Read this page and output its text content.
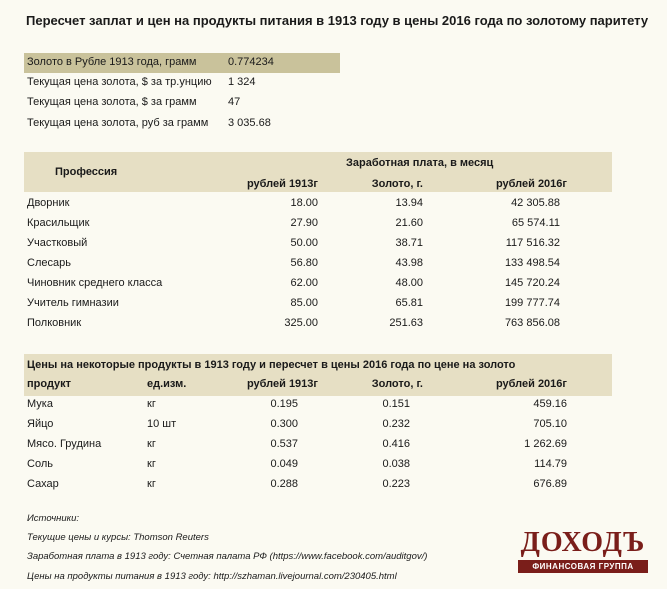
Пересчет заплат и цен на продукты питания в 1913 году в цены 2016 года по золотому паритету
Золото в Рубле 1913 года, грамм	0.774234
Текущая цена золота, $ за тр.унцию 1 324
Текущая цена золота, $ за грамм	47
Текущая цена золота, руб за грамм 3 035.68
Профессия
Заработная плата, в месяц
рублей 1913г	Золото, г.	рублей 2016г
Дворник	18.00	13.94	42 305.88
Красильщик	27.90	21.60	65 574.11
Участковый	50.00	38.71	117 516.32
Слесарь	56.80	43.98	133 498.54
Чиновник среднего класса	62.00	48.00	145 720.24
Учитель гимназии	85.00	65.81	199 777.74
Полковник	325.00	251.63	763 856.08
Цены на некоторые продукты в 1913 году и пересчет в цены 2016 года по цене на золото
продукт	ед.изм.	рублей 1913г	Золото, г.	рублей 2016г
Мука	кг	0.195	0.151	459.16
Яйцо	10 шт	0.300	0.232	705.10
Мясо. Грудина	кг	0.537	0.416	1 262.69
Соль	кг	0.049	0.038	114.79
Сахар	кг	0.288	0.223	676.89
Источники:
Текущие цены и курсы: Thomson Reuters
Заработная плата в 1913 году: Счетная палата РФ (https://www.facebook.com/auditgov/)
Цены на продукты питания в 1913 году: http://szhaman.livejournal.com/230405.html
ДОХОДЪ
ФИНАНСОВАЯ ГРУППА
